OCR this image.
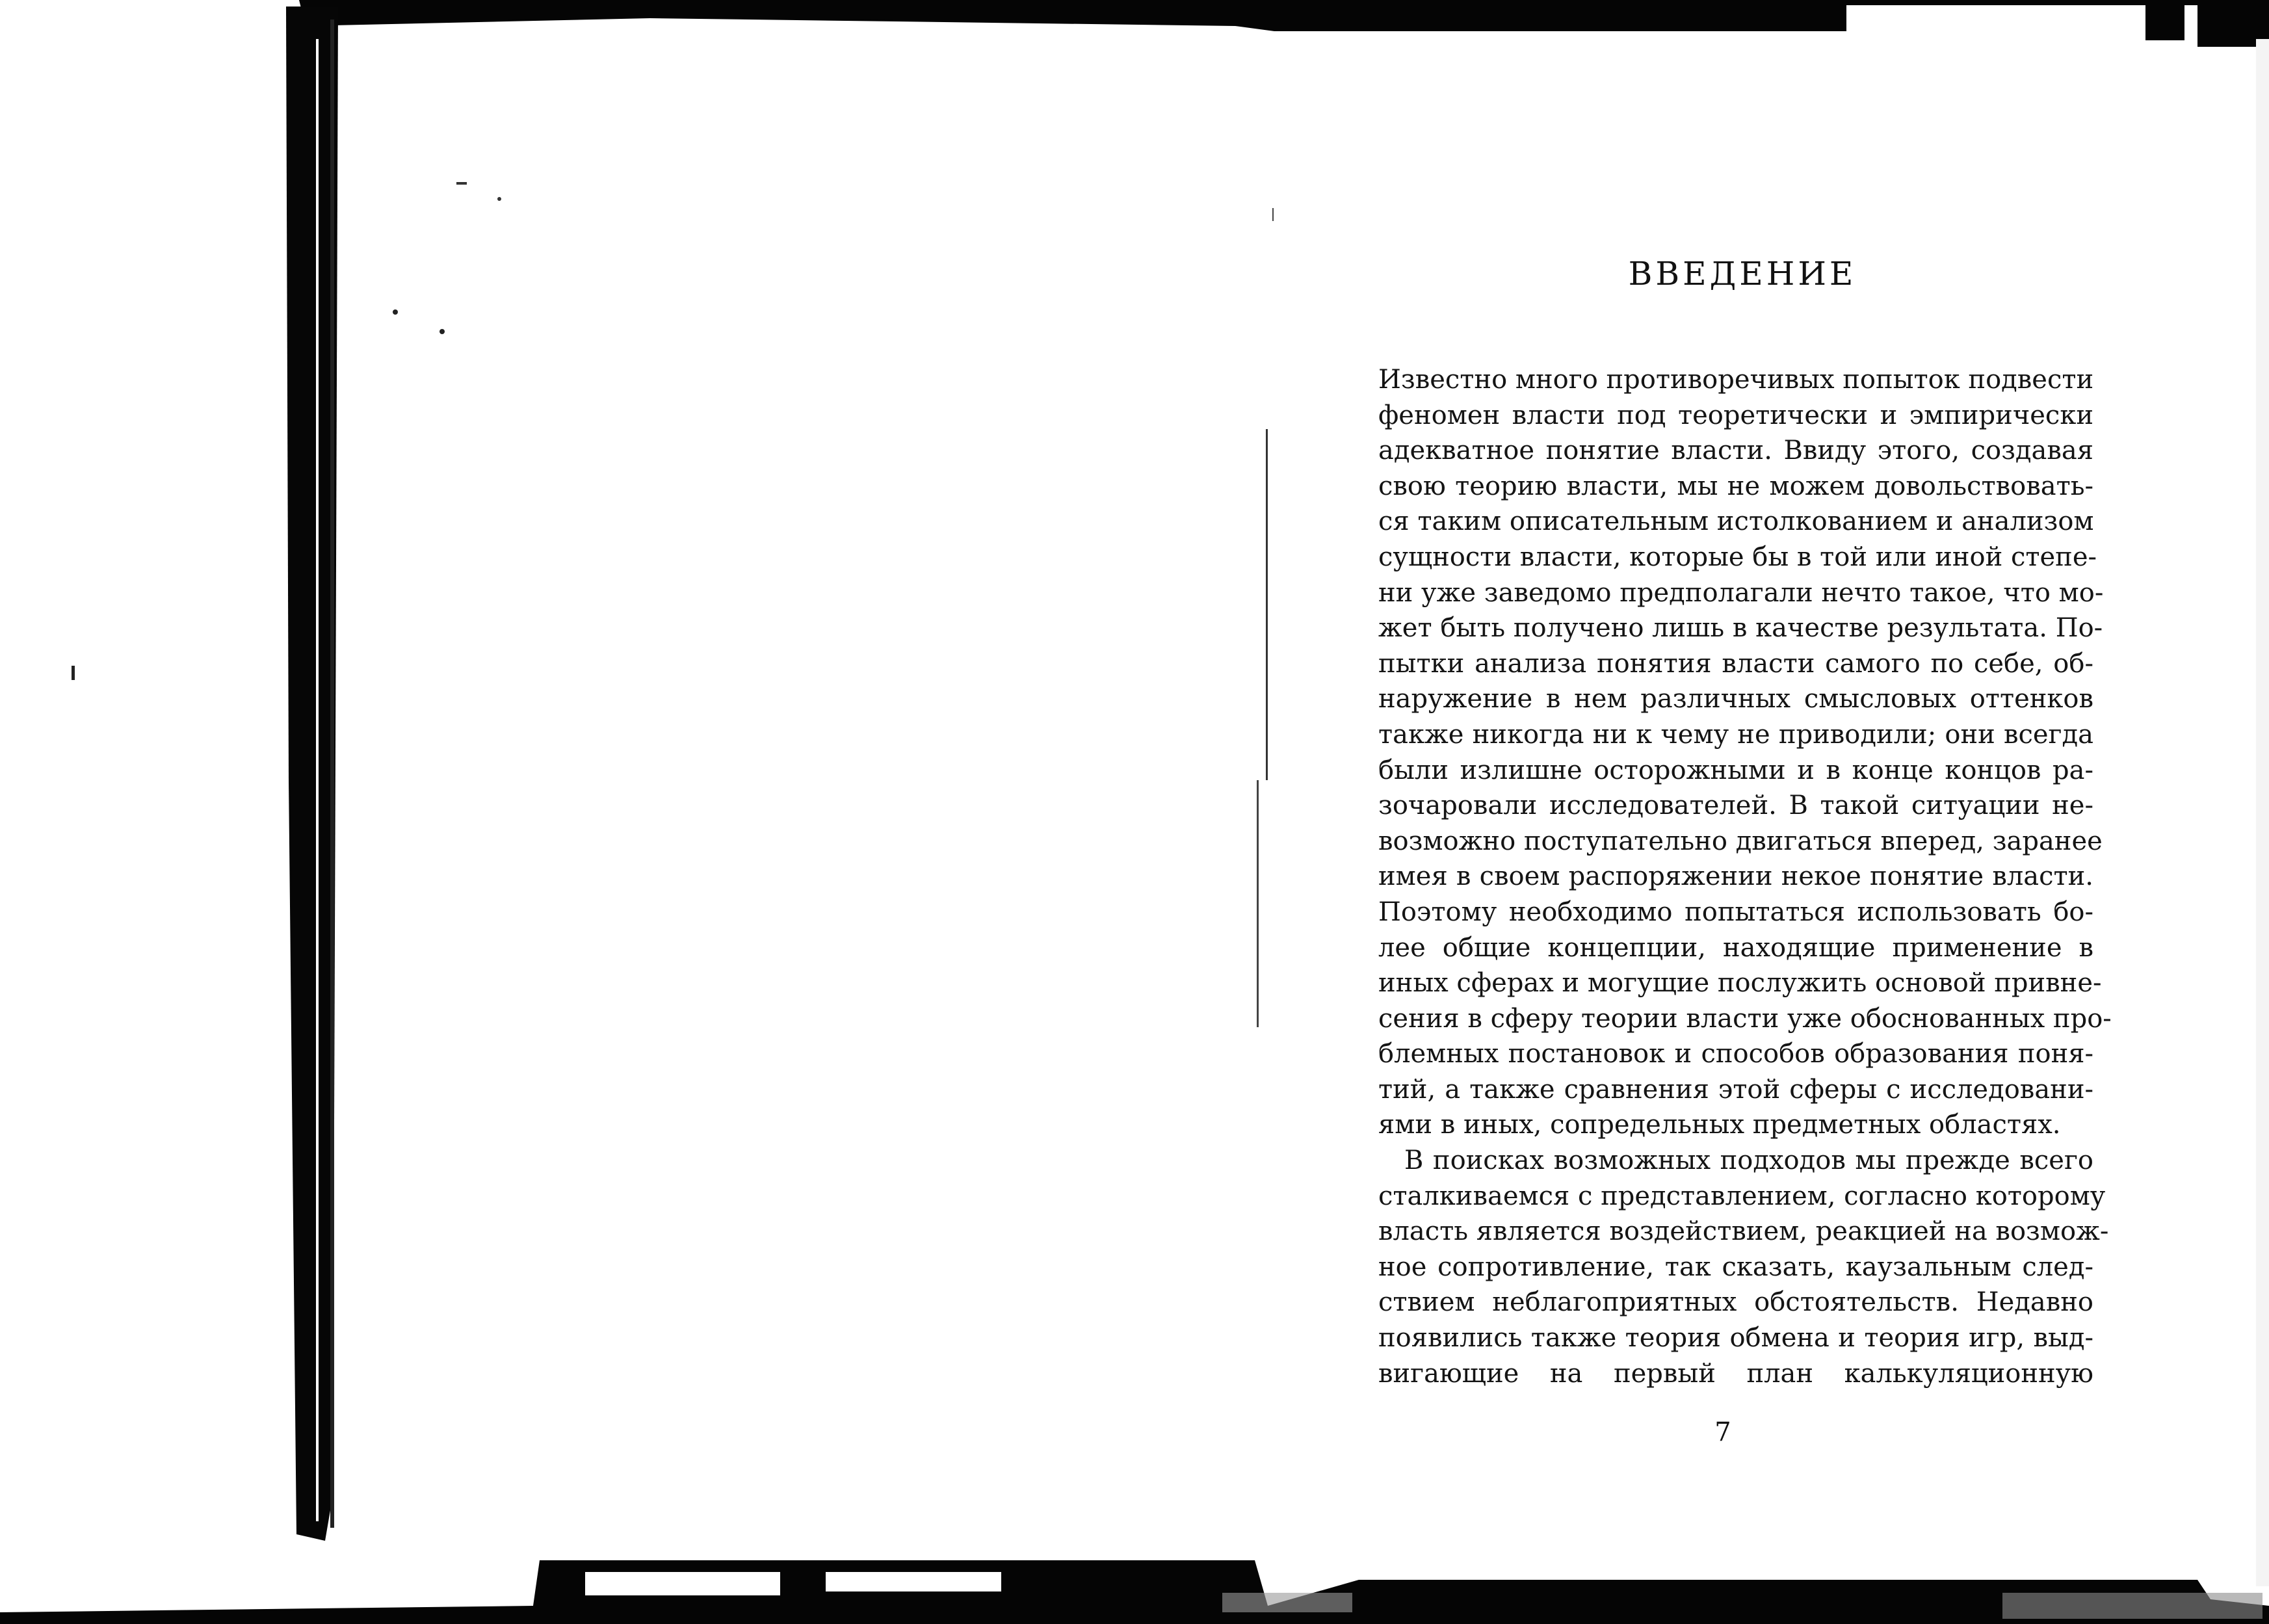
ВВЕДЕНИЕ
Известно много противоречивых попыток подвести
феномен власти под теоретически и эмпирически
адекватное понятие власти. Ввиду этого, создавая
свою теорию власти, мы не можем довольствовать-
ся таким описательным истолкованием и анализом
сущности власти, которые бы в той или иной степе-
ни уже заведомо предполагали нечто такое, что мо-
жет быть получено лишь в качестве результата. По-
пытки анализа понятия власти самого по себе, об-
наружение в нем различных смысловых оттенков
также никогда ни к чему не приводили; они всегда
были излишне осторожными и в конце концов ра-
зочаровали исследователей. В такой ситуации не-
возможно поступательно двигаться вперед, заранее
имея в своем распоряжении некое понятие власти.
Поэтому необходимо попытаться использовать бо-
лее общие концепции, находящие применение в
иных сферах и могущие послужить основой привне-
сения в сферу теории власти уже обоснованных про-
блемных постановок и способов образования поня-
тий, а также сравнения этой сферы с исследовани-
ями в иных, сопредельных предметных областях.
В поисках возможных подходов мы прежде всего
сталкиваемся с представлением, согласно которому
власть является воздействием, реакцией на возмож-
ное сопротивление, так сказать, каузальным след-
ствием неблагоприятных обстоятельств. Недавно
появились также теория обмена и теория игр, выд-
вигающие на первый план калькуляционную
7
